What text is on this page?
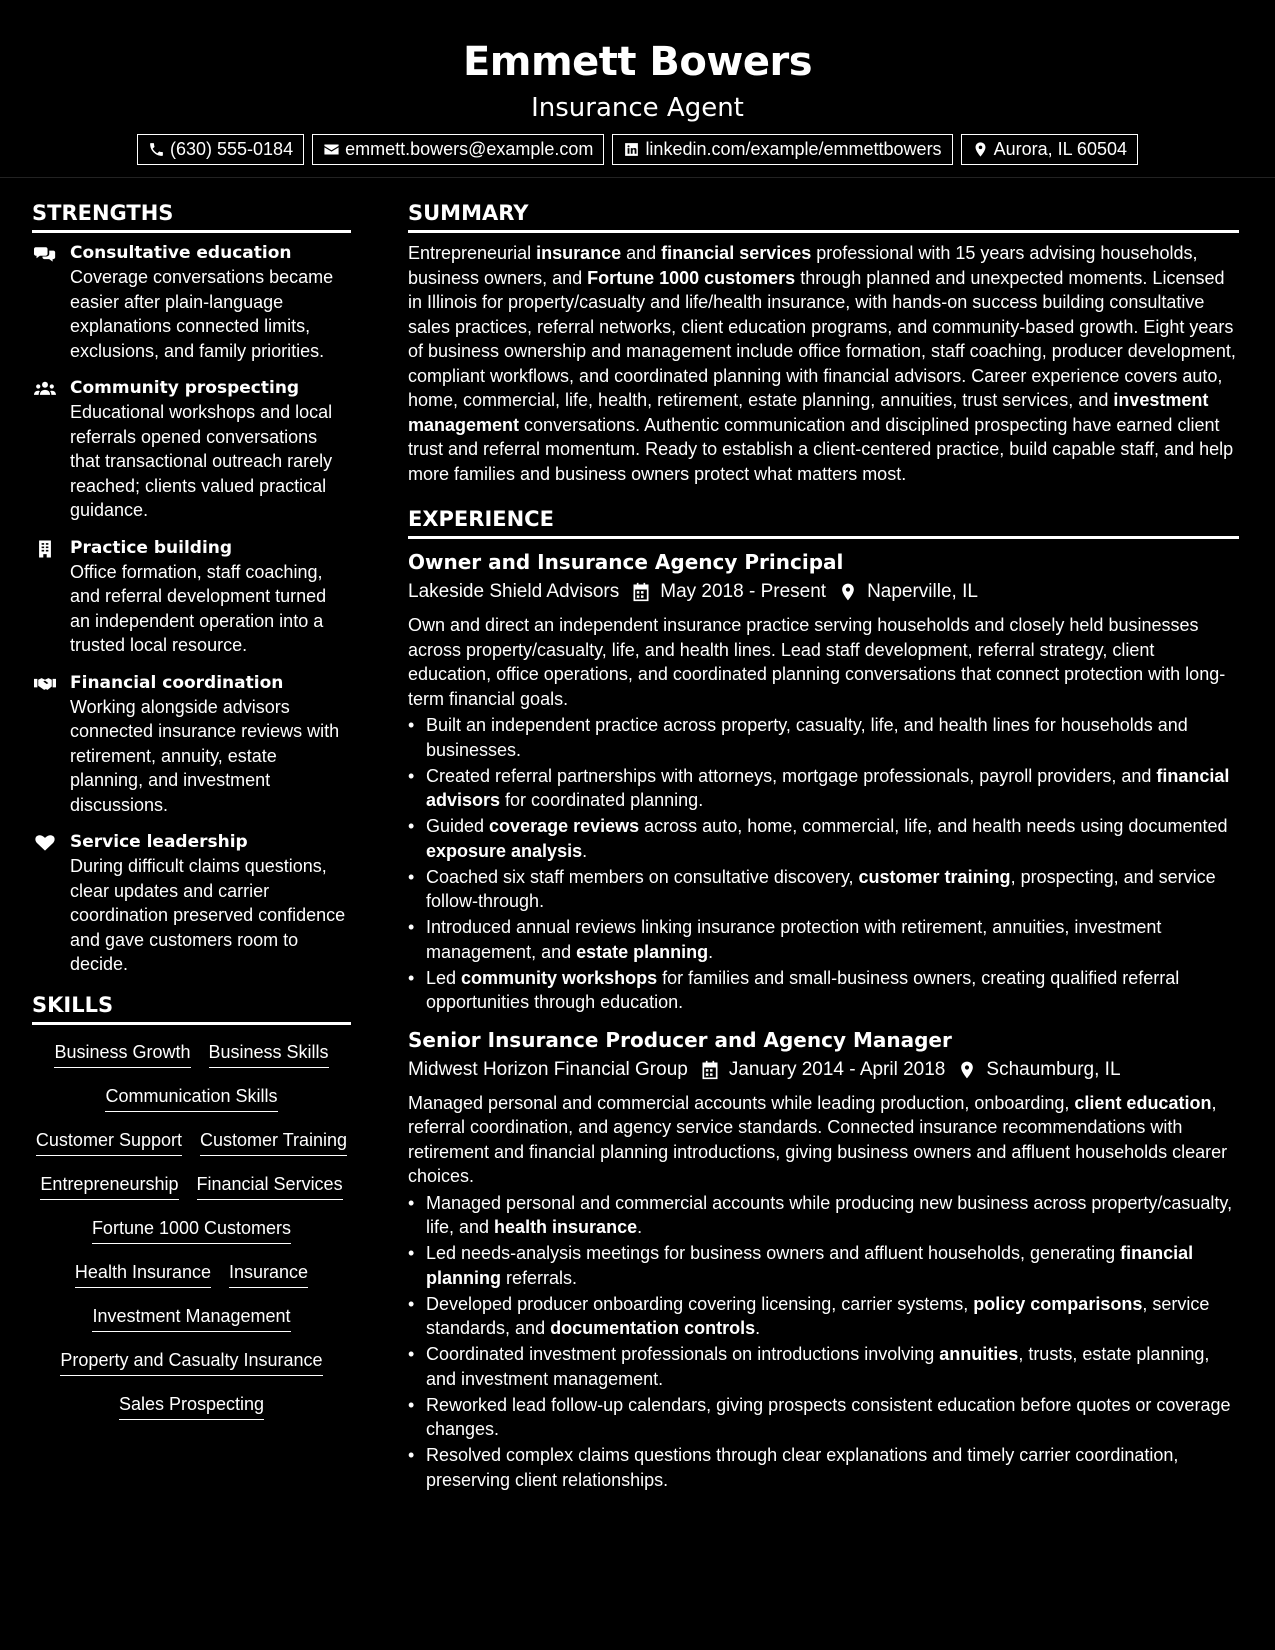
Emmett Bowers
Insurance Agent
(630) 555-0184	emmett.bowers@example.com	linkedin.com/example/emmettbowers	Aurora, IL 60504
STRENGTHS
Consultative education
Coverage conversations became easier after plain-language explanations connected limits, exclusions, and family priorities.
Community prospecting
Educational workshops and local referrals opened conversations that transactional outreach rarely reached; clients valued practical guidance.
Practice building
Office formation, staff coaching, and referral development turned an independent operation into a trusted local resource.
Financial coordination
Working alongside advisors connected insurance reviews with retirement, annuity, estate planning, and investment discussions.
Service leadership
During difficult claims questions, clear updates and carrier coordination preserved confidence and gave customers room to decide.
SKILLS
Business Growth Business Skills
Communication Skills
Customer Support Customer Training
Entrepreneurship Financial Services
Fortune 1000 Customers
Health Insurance Insurance
Investment Management
Property and Casualty Insurance
Sales Prospecting
SUMMARY
Entrepreneurial insurance and financial services professional with 15 years advising households, business owners, and Fortune 1000 customers through planned and unexpected moments. Licensed in Illinois for property/casualty and life/health insurance, with hands-on success building consultative sales practices, referral networks, client education programs, and community-based growth. Eight years of business ownership and management include office formation, staff coaching, producer development, compliant workflows, and coordinated planning with financial advisors. Career experience covers auto, home, commercial, life, health, retirement, estate planning, annuities, trust services, and investment management conversations. Authentic communication and disciplined prospecting have earned client trust and referral momentum. Ready to establish a client-centered practice, build capable staff, and help more families and business owners protect what matters most.
EXPERIENCE
Owner and Insurance Agency Principal
Lakeside Shield Advisors May 2018 - Present Naperville, IL
Own and direct an independent insurance practice serving households and closely held businesses across property/casualty, life, and health lines. Lead staff development, referral strategy, client education, office operations, and coordinated planning conversations that connect protection with long-term financial goals.
• Built an independent practice across property, casualty, life, and health lines for households and businesses.
• Created referral partnerships with attorneys, mortgage professionals, payroll providers, and financial advisors for coordinated planning.
• Guided coverage reviews across auto, home, commercial, life, and health needs using documented exposure analysis.
• Coached six staff members on consultative discovery, customer training, prospecting, and service follow-through.
• Introduced annual reviews linking insurance protection with retirement, annuities, investment management, and estate planning.
• Led community workshops for families and small-business owners, creating qualified referral opportunities through education.
Senior Insurance Producer and Agency Manager
Midwest Horizon Financial Group January 2014 - April 2018 Schaumburg, IL
Managed personal and commercial accounts while leading production, onboarding, client education, referral coordination, and agency service standards. Connected insurance recommendations with retirement and financial planning introductions, giving business owners and affluent households clearer choices.
• Managed personal and commercial accounts while producing new business across property/casualty, life, and health insurance.
• Led needs-analysis meetings for business owners and affluent households, generating financial planning referrals.
• Developed producer onboarding covering licensing, carrier systems, policy comparisons, service standards, and documentation controls.
• Coordinated investment professionals on introductions involving annuities, trusts, estate planning, and investment management.
• Reworked lead follow-up calendars, giving prospects consistent education before quotes or coverage changes.
• Resolved complex claims questions through clear explanations and timely carrier coordination, preserving client relationships.
